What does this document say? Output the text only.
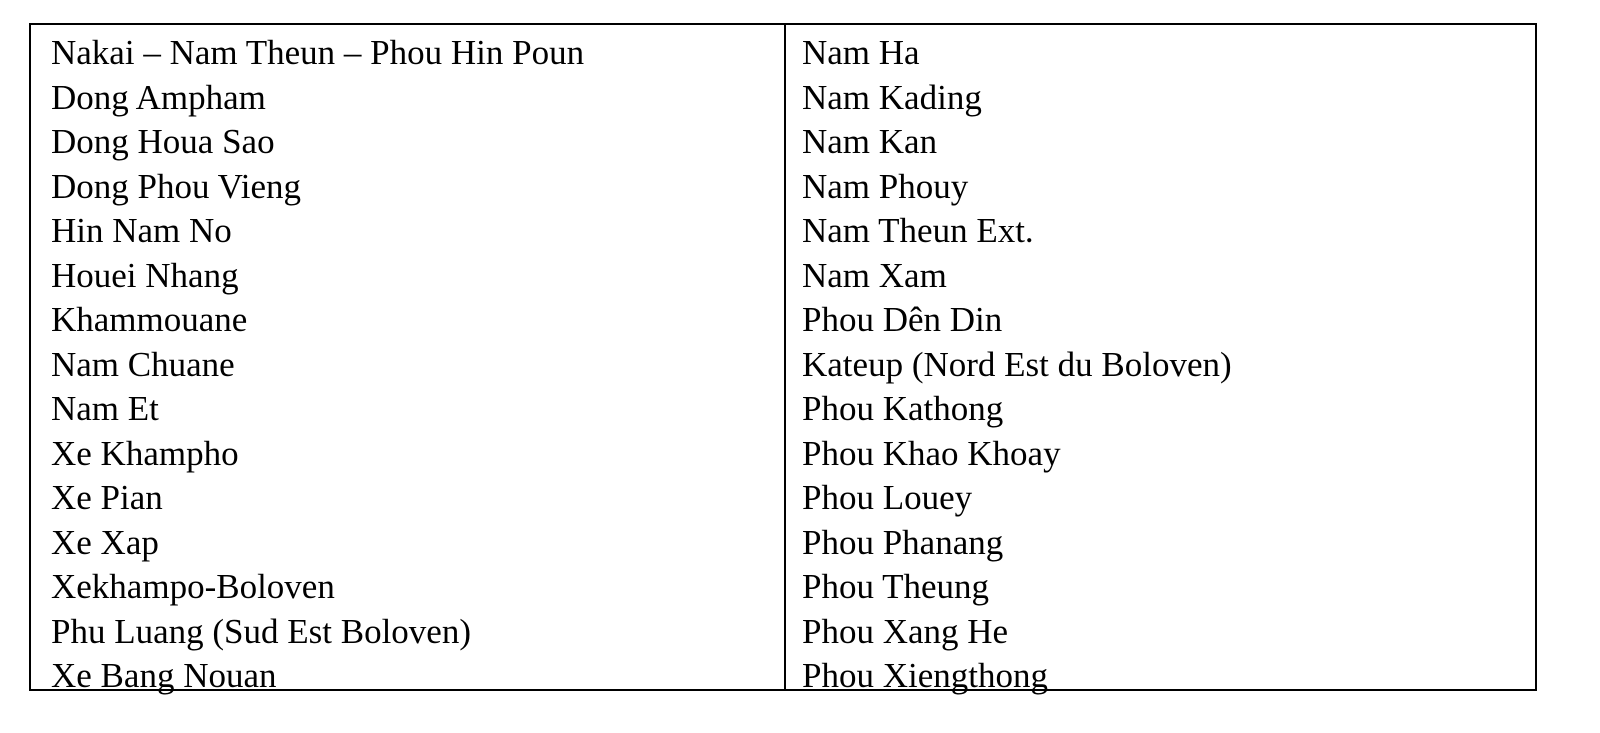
Nakai – Nam Theun – Phou Hin Poun
Dong Ampham
Dong Houa Sao
Dong Phou Vieng
Hin Nam No
Houei Nhang
Khammouane
Nam Chuane
Nam Et
Xe Khampho
Xe Pian
Xe Xap
Xekhampo-Boloven
Phu Luang (Sud Est Boloven)
Xe Bang Nouan
Nam Ha
Nam Kading
Nam Kan
Nam Phouy
Nam Theun Ext.
Nam Xam
Phou Dên Din
Kateup (Nord Est du Boloven)
Phou Kathong
Phou Khao Khoay
Phou Louey
Phou Phanang
Phou Theung
Phou Xang He
Phou Xiengthong
